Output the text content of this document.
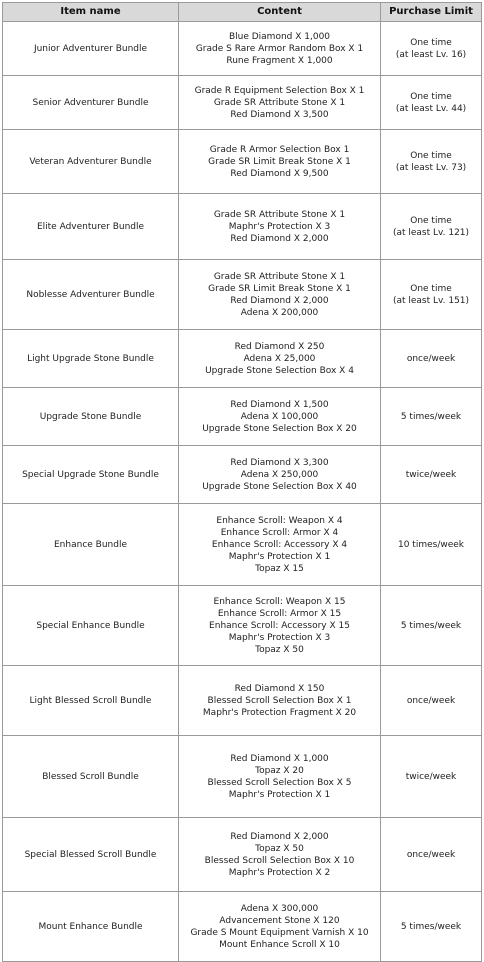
Item name	Content	Purchase Limit
Junior Adventurer Bundle	Blue Diamond X 1,000
Grade S Rare Armor Random Box X 1
Rune Fragment X 1,000	One time
(at least Lv. 16)

Senior Adventurer Bundle	Grade R Equipment Selection Box X 1
Grade SR Attribute Stone X 1
Red Diamond X 3,500	One time
(at least Lv. 44)

Veteran Adventurer Bundle	Grade R Armor Selection Box 1
Grade SR Limit Break Stone X 1
Red Diamond X 9,500	One time
(at least Lv. 73)

Elite Adventurer Bundle	Grade SR Attribute Stone X 1
Maphr's Protection X 3
Red Diamond X 2,000	One time
(at least Lv. 121)

Noblesse Adventurer Bundle	Grade SR Attribute Stone X 1
Grade SR Limit Break Stone X 1
Red Diamond X 2,000
Adena X 200,000	One time
(at least Lv. 151)

Light Upgrade Stone Bundle	Red Diamond X 250
Adena X 25,000
Upgrade Stone Selection Box X 4	once/week

Upgrade Stone Bundle	Red Diamond X 1,500
Adena X 100,000
Upgrade Stone Selection Box X 20	5 times/week

Special Upgrade Stone Bundle	Red Diamond X 3,300
Adena X 250,000
Upgrade Stone Selection Box X 40	twice/week

Enhance Bundle	Enhance Scroll: Weapon X 4
Enhance Scroll: Armor X 4
Enhance Scroll: Accessory X 4
Maphr's Protection X 1
Topaz X 15	10 times/week

Special Enhance Bundle	Enhance Scroll: Weapon X 15
Enhance Scroll: Armor X 15
Enhance Scroll: Accessory X 15
Maphr's Protection X 3
Topaz X 50	5 times/week

Light Blessed Scroll Bundle	Red Diamond X 150
Blessed Scroll Selection Box X 1
Maphr's Protection Fragment X 20	once/week

Blessed Scroll Bundle	Red Diamond X 1,000
Topaz X 20
Blessed Scroll Selection Box X 5
Maphr's Protection X 1	twice/week

Special Blessed Scroll Bundle	Red Diamond X 2,000
Topaz X 50
Blessed Scroll Selection Box X 10
Maphr's Protection X 2	once/week

Mount Enhance Bundle	Adena X 300,000
Advancement Stone X 120
Grade S Mount Equipment Varnish X 10
Mount Enhance Scroll X 10	5 times/week
